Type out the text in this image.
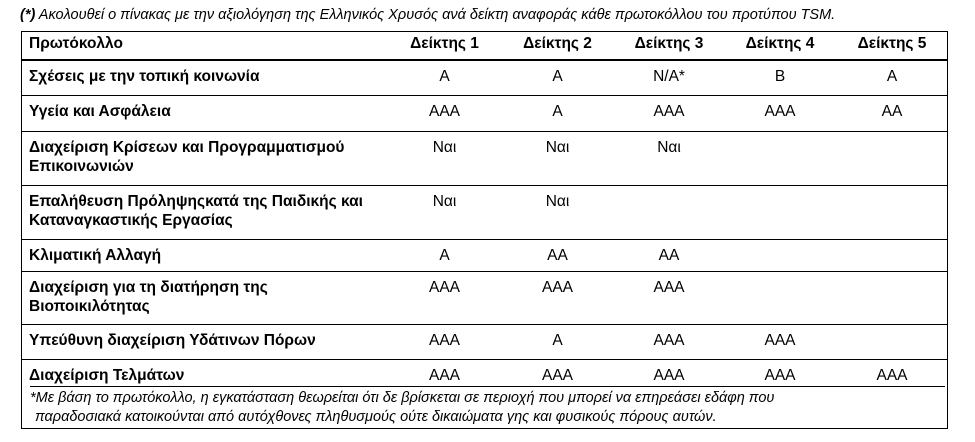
(*) Ακολουθεί ο πίνακας με την αξιολόγηση της Ελληνικός Χρυσός ανά δείκτη αναφοράς κάθε πρωτοκόλλου του προτύπου TSM.
Πρωτόκολλο	Δείκτης 1	Δείκτης 2	Δείκτης 3	Δείκτης 4	Δείκτης 5
Σχέσεις με την τοπική κοινωνία	A	A	N/A*	B	A
Υγεία και Ασφάλεια	AAA	A	AAA	AAA	AA
Διαχείριση Κρίσεων και Προγραμματισμού Επικοινωνιών	Ναι	Ναι	Ναι		
Επαλήθευση Πρόληψηςκατά της Παιδικής και Καταναγκαστικής Εργασίας	Ναι	Ναι			
Κλιματική Αλλαγή	A	AA	AA		
Διαχείριση για τη διατήρηση της Βιοποικιλότητας	AAA	AAA	AAA		
Υπεύθυνη διαχείριση Υδάτινων Πόρων	AAA	A	AAA	AAA	
Διαχείριση Τελμάτων	AAA	AAA	AAA	AAA	AAA
*Με βάση το πρωτόκολλο, η εγκατάσταση θεωρείται ότι δε βρίσκεται σε περιοχή που μπορεί να επηρεάσει εδάφη που
παραδοσιακά κατοικούνται από αυτόχθονες πληθυσμούς ούτε δικαιώματα γης και φυσικούς πόρους αυτών.
